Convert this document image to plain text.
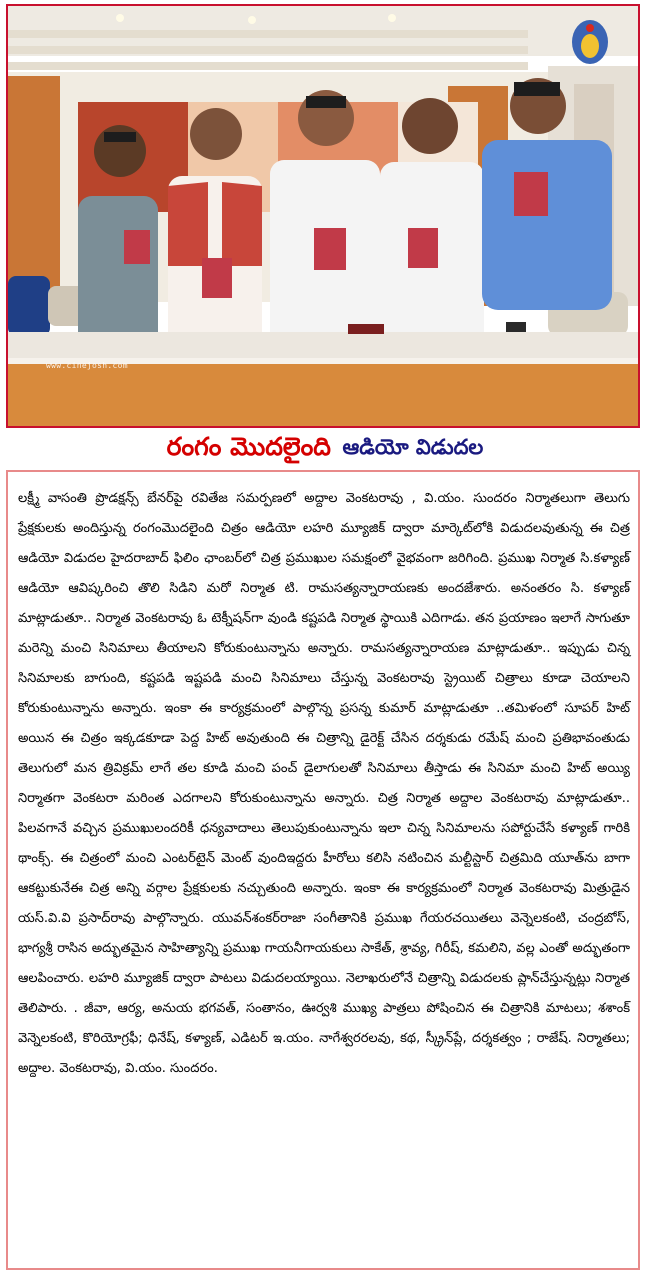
www.cinejosh.com
రంగం మొదలైంది ఆడియో విడుదల

లక్ష్మీ వాసంతి ప్రొడక్షన్స్ బేనర్‌పై రవితేజ సమర్పణలో అద్దాల వెంకటరావు , వి.యం. సుందరం నిర్మాతలుగా తెలుగు ప్రేక్షకులకు అందిస్తున్న రంగంమొదలైంది చిత్రం ఆడియో లహరి మ్యూజిక్ ద్వారా మార్కెట్‌లోకి విడుదలవుతున్న ఈ చిత్ర ఆడియో విడుదల హైదరాబాద్ ఫిలిం ఛాంబర్‌లో చిత్ర ప్రముఖుల సమక్షంలో వైభవంగా జరిగింది. ప్రముఖ నిర్మాత సి.కళ్యాణ్ ఆడియో ఆవిష్కరించి తొలి సిడిని మరో నిర్మాత టి. రామసత్యన్నారాయణకు అందజేశారు. అనంతరం సి. కళ్యాణ్ మాట్లాడుతూ.. నిర్మాత వెంకటరావు ఓ టెక్నీషన్‌గా వుండి కష్టపడి నిర్మాత స్థాయికి ఎదిగాడు. తన ప్రయాణం ఇలాగే సాగుతూ మరెన్ని మంచి సినిమాలు తీయాలని కోరుకుంటున్నాను అన్నారు. రామసత్యన్నారాయణ మాట్లాడుతూ.. ఇప్పుడు చిన్న సినిమాలకు బాగుంది, కష్టపడి ఇష్టపడి మంచి సినిమాలు చేస్తున్న వెంకటరావు స్ట్రెయిట్ చిత్రాలు కూడా చెయాలని కోరుకుంటున్నాను అన్నారు. ఇంకా ఈ కార్యక్రమంలో పాల్గొన్న ప్రసన్న కుమార్ మాట్లాడుతూ ..తమిళంలో సూపర్ హిట్ అయిన ఈ చిత్రం ఇక్కడకూడా పెద్ద హిట్ అవుతుంది ఈ చిత్రాన్ని డైరెక్ట్ చేసిన దర్శకుడు రమేష్ మంచి ప్రతిభావంతుడు తెలుగులో మన త్రివిక్రమ్ లాగే తల కూడి మంచి పంచ్ డైలాగులతో సినిమాలు తీస్తాడు ఈ సినిమా మంచి హిట్ అయ్యి నిర్మాతగా వెంకటరా మరింత ఎదగాలని కోరుకుంటున్నాను అన్నారు. చిత్ర నిర్మాత అద్దాల వెంకటరావు మాట్లాడుతూ.. పిలవగానే వచ్చిన ప్రముఖులందరికీ ధన్యవాదాలు తెలుపుకుంటున్నాను ఇలా చిన్న సినిమాలను సపోర్టుచేసే కళ్యాణ్ గారికి థాంక్స్. ఈ చిత్రంలో మంచి ఎంటర్‌టైన్ మెంట్ వుందిఇద్దరు హీరోలు కలిసి నటించిన మల్టీస్టార్ చిత్రమిది యూత్‌ను బాగా ఆకట్టుకునేఈ చిత్ర అన్ని వర్గాల ప్రేక్షకులకు నచ్చుతుంది అన్నారు. ఇంకా ఈ కార్యక్రమంలో నిర్మాత వెంకటరావు మిత్రుడైన యస్.వి.వి ప్రసాద్‌రావు పాల్గొన్నారు. యువన్‌శంకర్‌రాజా సంగీతానికి ప్రముఖ గేయరచయితలు వెన్నెలకంటి, చంద్రబోస్, భాగ్యశ్రీ రాసిన అద్భుతమైన సాహిత్యాన్ని ప్రముఖ గాయనీగాయకులు సాకేత్, శ్రావ్య, గిరీష్, కమలిని, వల్ల ఎంతో అద్భుతంగా ఆలపించారు. లహరి మ్యూజిక్ ద్వారా పాటలు విడుదలయ్యాయి. నెలాఖరులోనే చిత్రాన్ని విడుదలకు ప్లాన్‌చేస్తున్నట్లు నిర్మాత తెలిపారు. . జీవా, ఆర్య, అనుయ భగవత్, సంతానం, ఊర్వశి ముఖ్య పాత్రలు పోషించిన ఈ చిత్రానికి మాటలు; శశాంక్ వెన్నెలకంటి, కొరియోగ్రఫీ; ధినేష్, కళ్యాణ్, ఎడిటర్ ఇ.యం. నాగేశ్వరరలవు, కథ, స్క్రీన్‌ప్లే, దర్శకత్వం ; రాజేష్. నిర్మాతలు; అద్దాల. వెంకటరావు, వి.యం. సుందరం.
